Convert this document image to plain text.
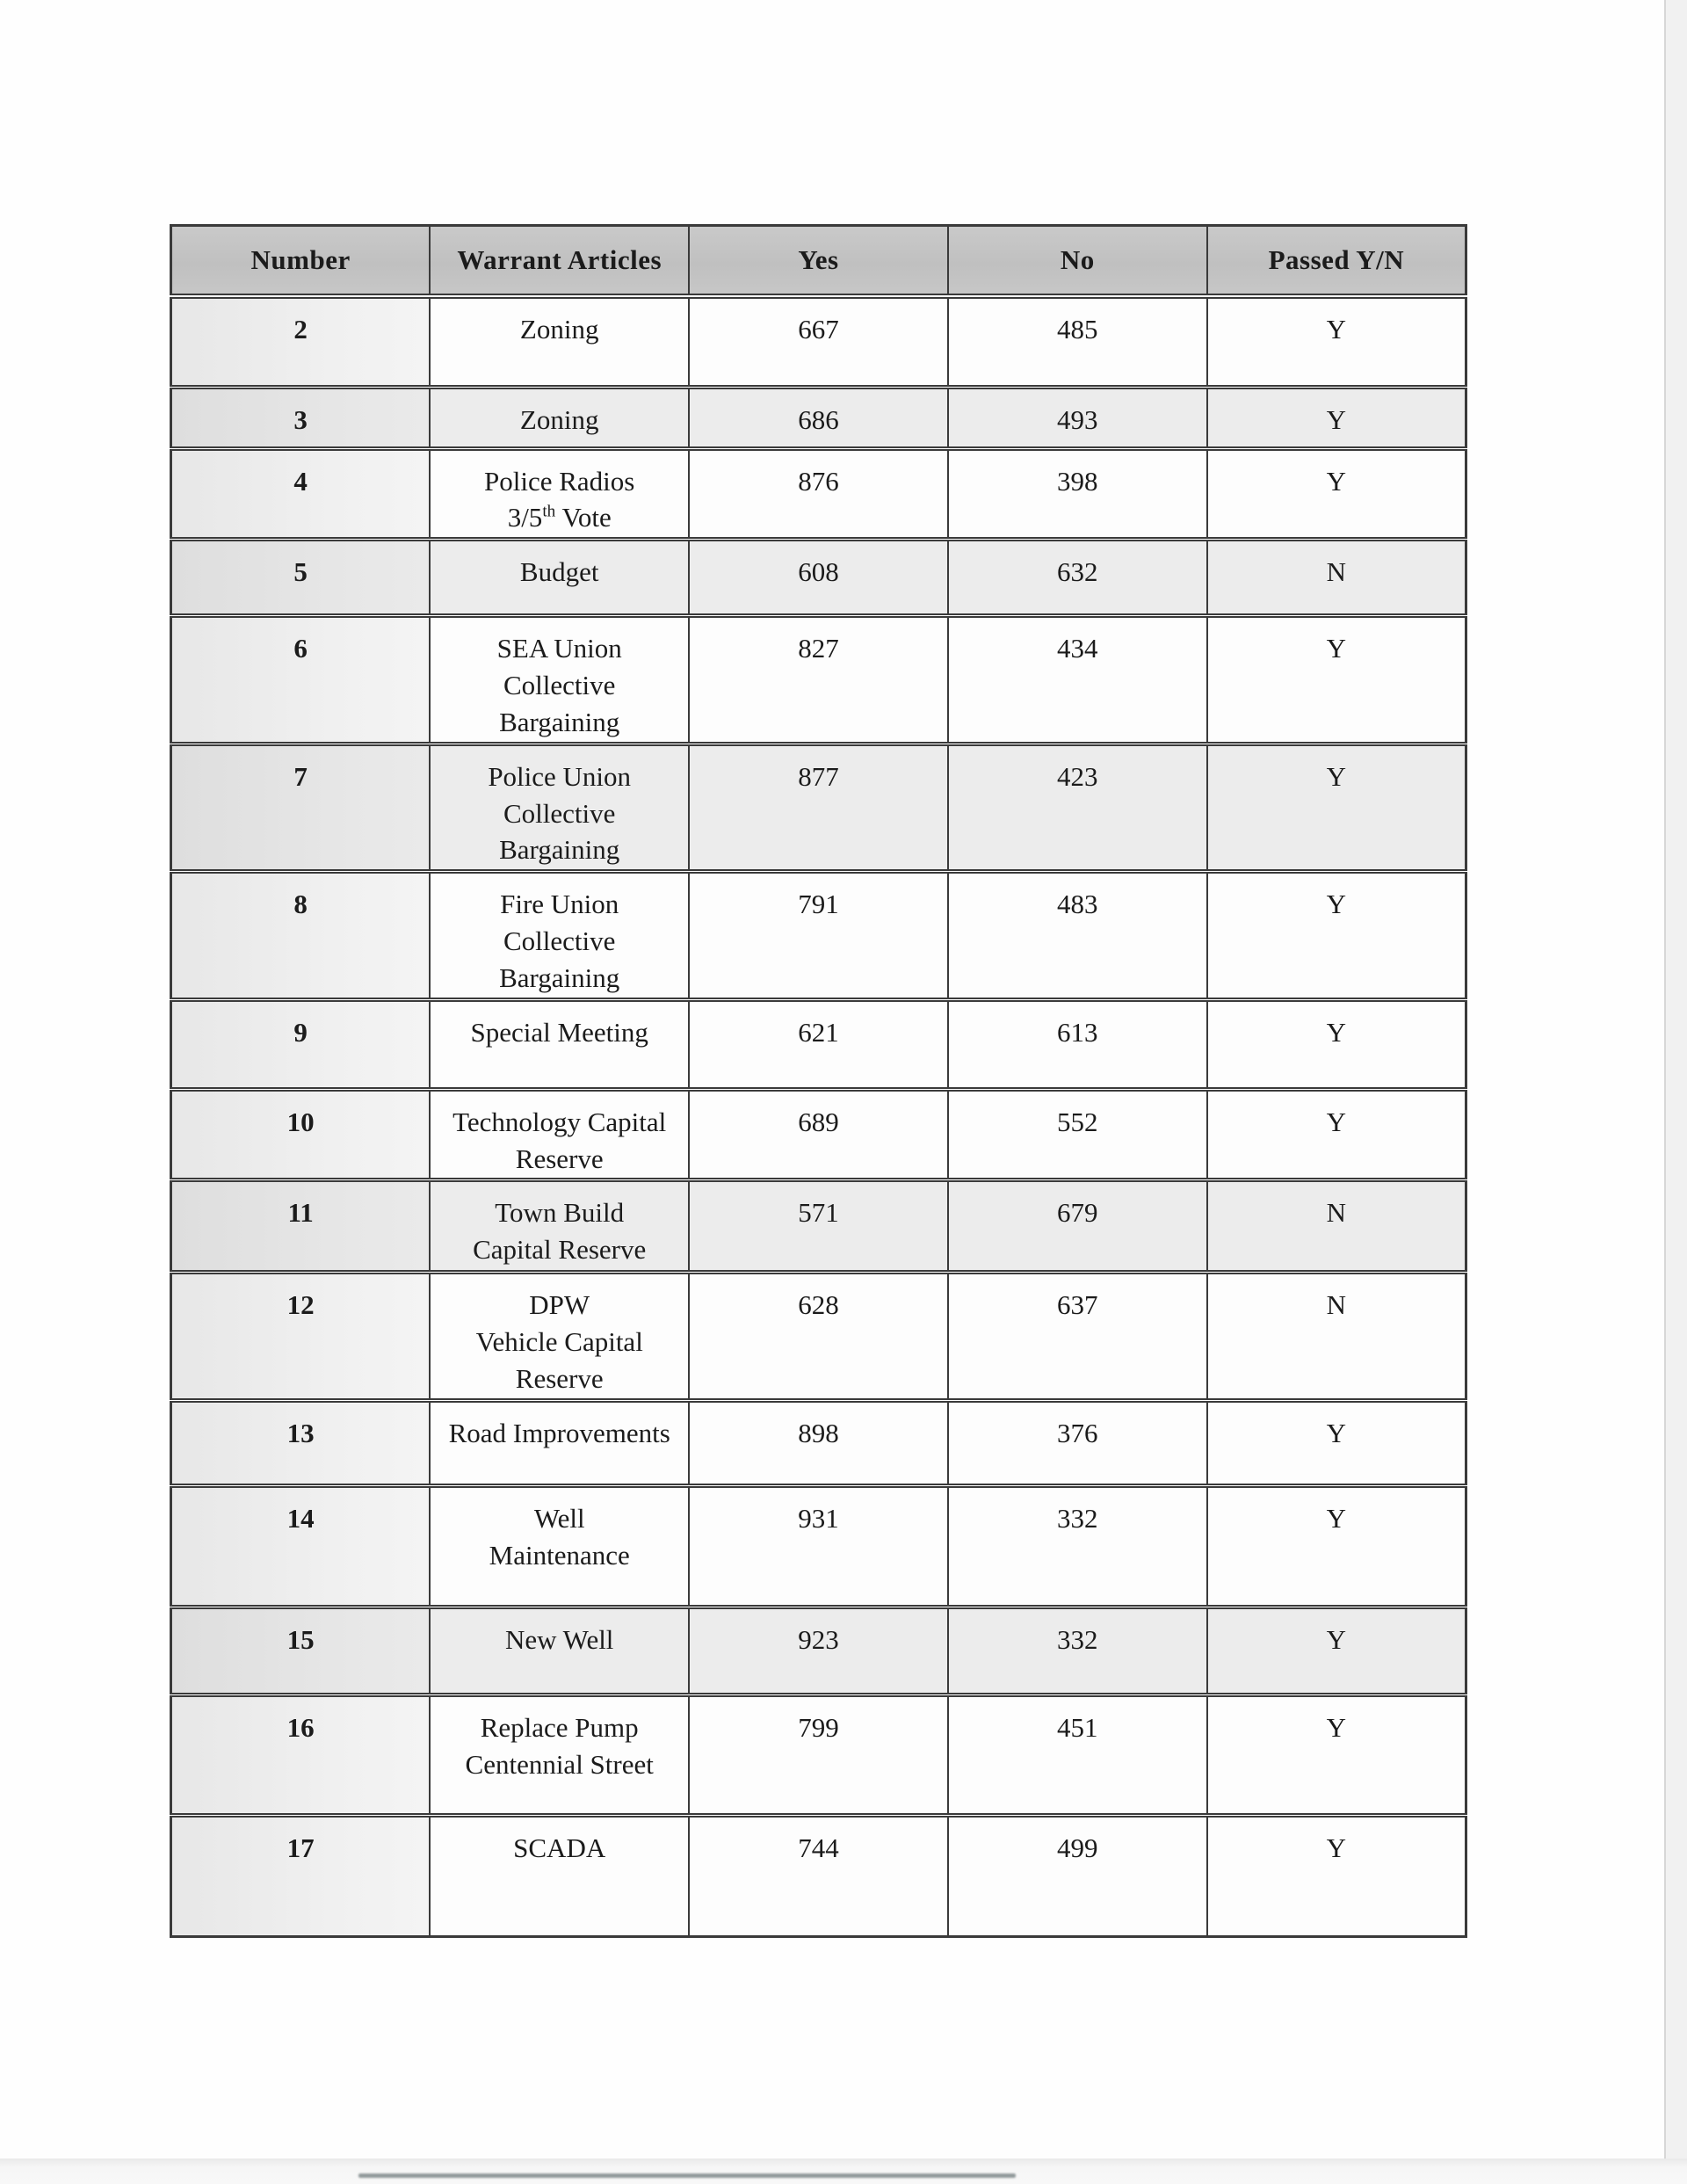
Number	Warrant Articles	Yes	No	Passed Y/N
2	Zoning	667	485	Y
3	Zoning	686	493	Y
4	Police Radios
3/5th Vote	876	398	Y
5	Budget	608	632	N
6	SEA Union
Collective
Bargaining	827	434	Y
7	Police Union
Collective
Bargaining	877	423	Y
8	Fire Union
Collective
Bargaining	791	483	Y
9	Special Meeting	621	613	Y
10	Technology Capital
Reserve	689	552	Y
11	Town Build
Capital Reserve	571	679	N
12	DPW
Vehicle Capital
Reserve	628	637	N
13	Road Improvements	898	376	Y
14	Well
Maintenance	931	332	Y
15	New Well	923	332	Y
16	Replace Pump
Centennial Street	799	451	Y
17	SCADA	744	499	Y
